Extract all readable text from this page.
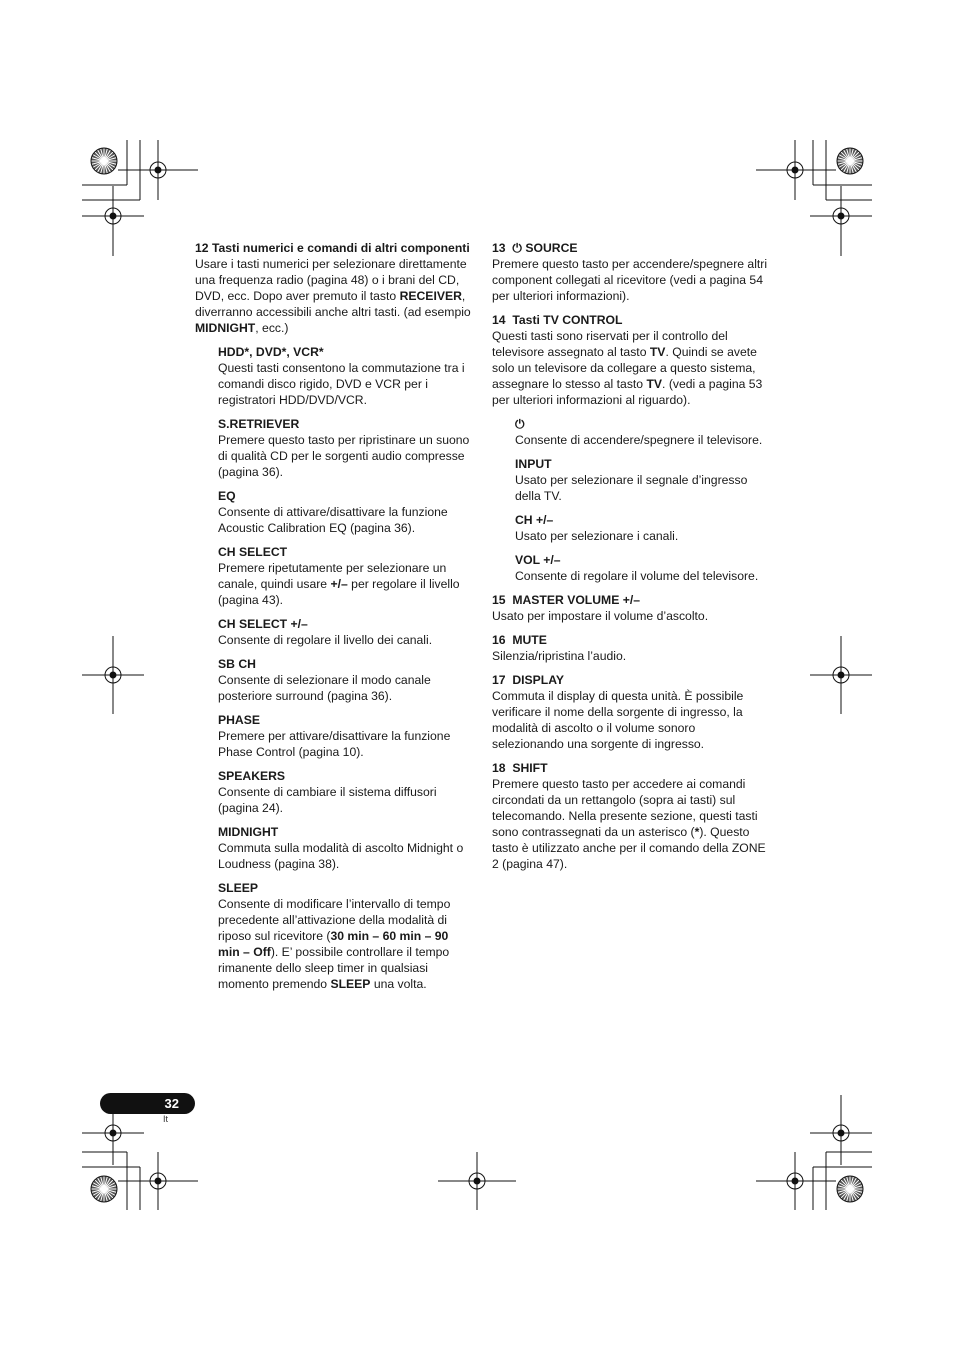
12 Tasti numerici e comandi di altri componenti

Usare i tasti numerici per selezionare direttamente una frequenza radio (pagina 48) o i brani del CD, DVD, ecc. Dopo aver premuto il tasto RECEIVER, diverranno accessibili anche altri tasti. (ad esempio MIDNIGHT, ecc.)

HDD*, DVD*, VCR*

Questi tasti consentono la commutazione tra i comandi disco rigido, DVD e VCR per i registratori HDD/DVD/VCR.

S.RETRIEVER

Premere questo tasto per ripristinare un suono di qualità CD per le sorgenti audio compresse (pagina 36).

EQ

Consente di attivare/disattivare la funzione Acoustic Calibration EQ (pagina 36).

CH SELECT

Premere ripetutamente per selezionare un canale, quindi usare +/– per regolare il livello (pagina 43).

CH SELECT +/–

Consente di regolare il livello dei canali.

SB CH

Consente di selezionare il modo canale posteriore surround (pagina 36).

PHASE

Premere per attivare/disattivare la funzione Phase Control (pagina 10).

SPEAKERS

Consente di cambiare il sistema diffusori (pagina 24).

MIDNIGHT

Commuta sulla modalità di ascolto Midnight o Loudness (pagina 38).

SLEEP

Consente di modificare l’intervallo di tempo precedente all’attivazione della modalità di riposo sul ricevitore (30 min – 60 min – 90 min – Off). E’ possibile controllare il tempo rimanente dello sleep timer in qualsiasi momento premendo SLEEP una volta.

13 ⏻ SOURCE

Premere questo tasto per accendere/spegnere altri component collegati al ricevitore (vedi a pagina 54 per ulteriori informazioni).

14 Tasti TV CONTROL

Questi tasti sono riservati per il controllo del televisore assegnato al tasto TV. Quindi se avete solo un televisore da collegare a questo sistema, assegnare lo stesso al tasto TV. (vedi a pagina 53 per ulteriori informazioni al riguardo).

⏻

Consente di accendere/spegnere il televisore.

INPUT

Usato per selezionare il segnale d’ingresso della TV.

CH +/–

Usato per selezionare i canali.

VOL +/–

Consente di regolare il volume del televisore.

15 MASTER VOLUME +/–

Usato per impostare il volume d’ascolto.

16 MUTE

Silenzia/ripristina l’audio.

17 DISPLAY

Commuta il display di questa unità. È possibile verificare il nome della sorgente di ingresso, la modalità di ascolto o il volume sonoro selezionando una sorgente di ingresso.

18 SHIFT

Premere questo tasto per accedere ai comandi circondati da un rettangolo (sopra ai tasti) sul telecomando. Nella presente sezione, questi tasti sono contrassegnati da un asterisco (*). Questo tasto è utilizzato anche per il comando della ZONE 2 (pagina 47).

32
It
